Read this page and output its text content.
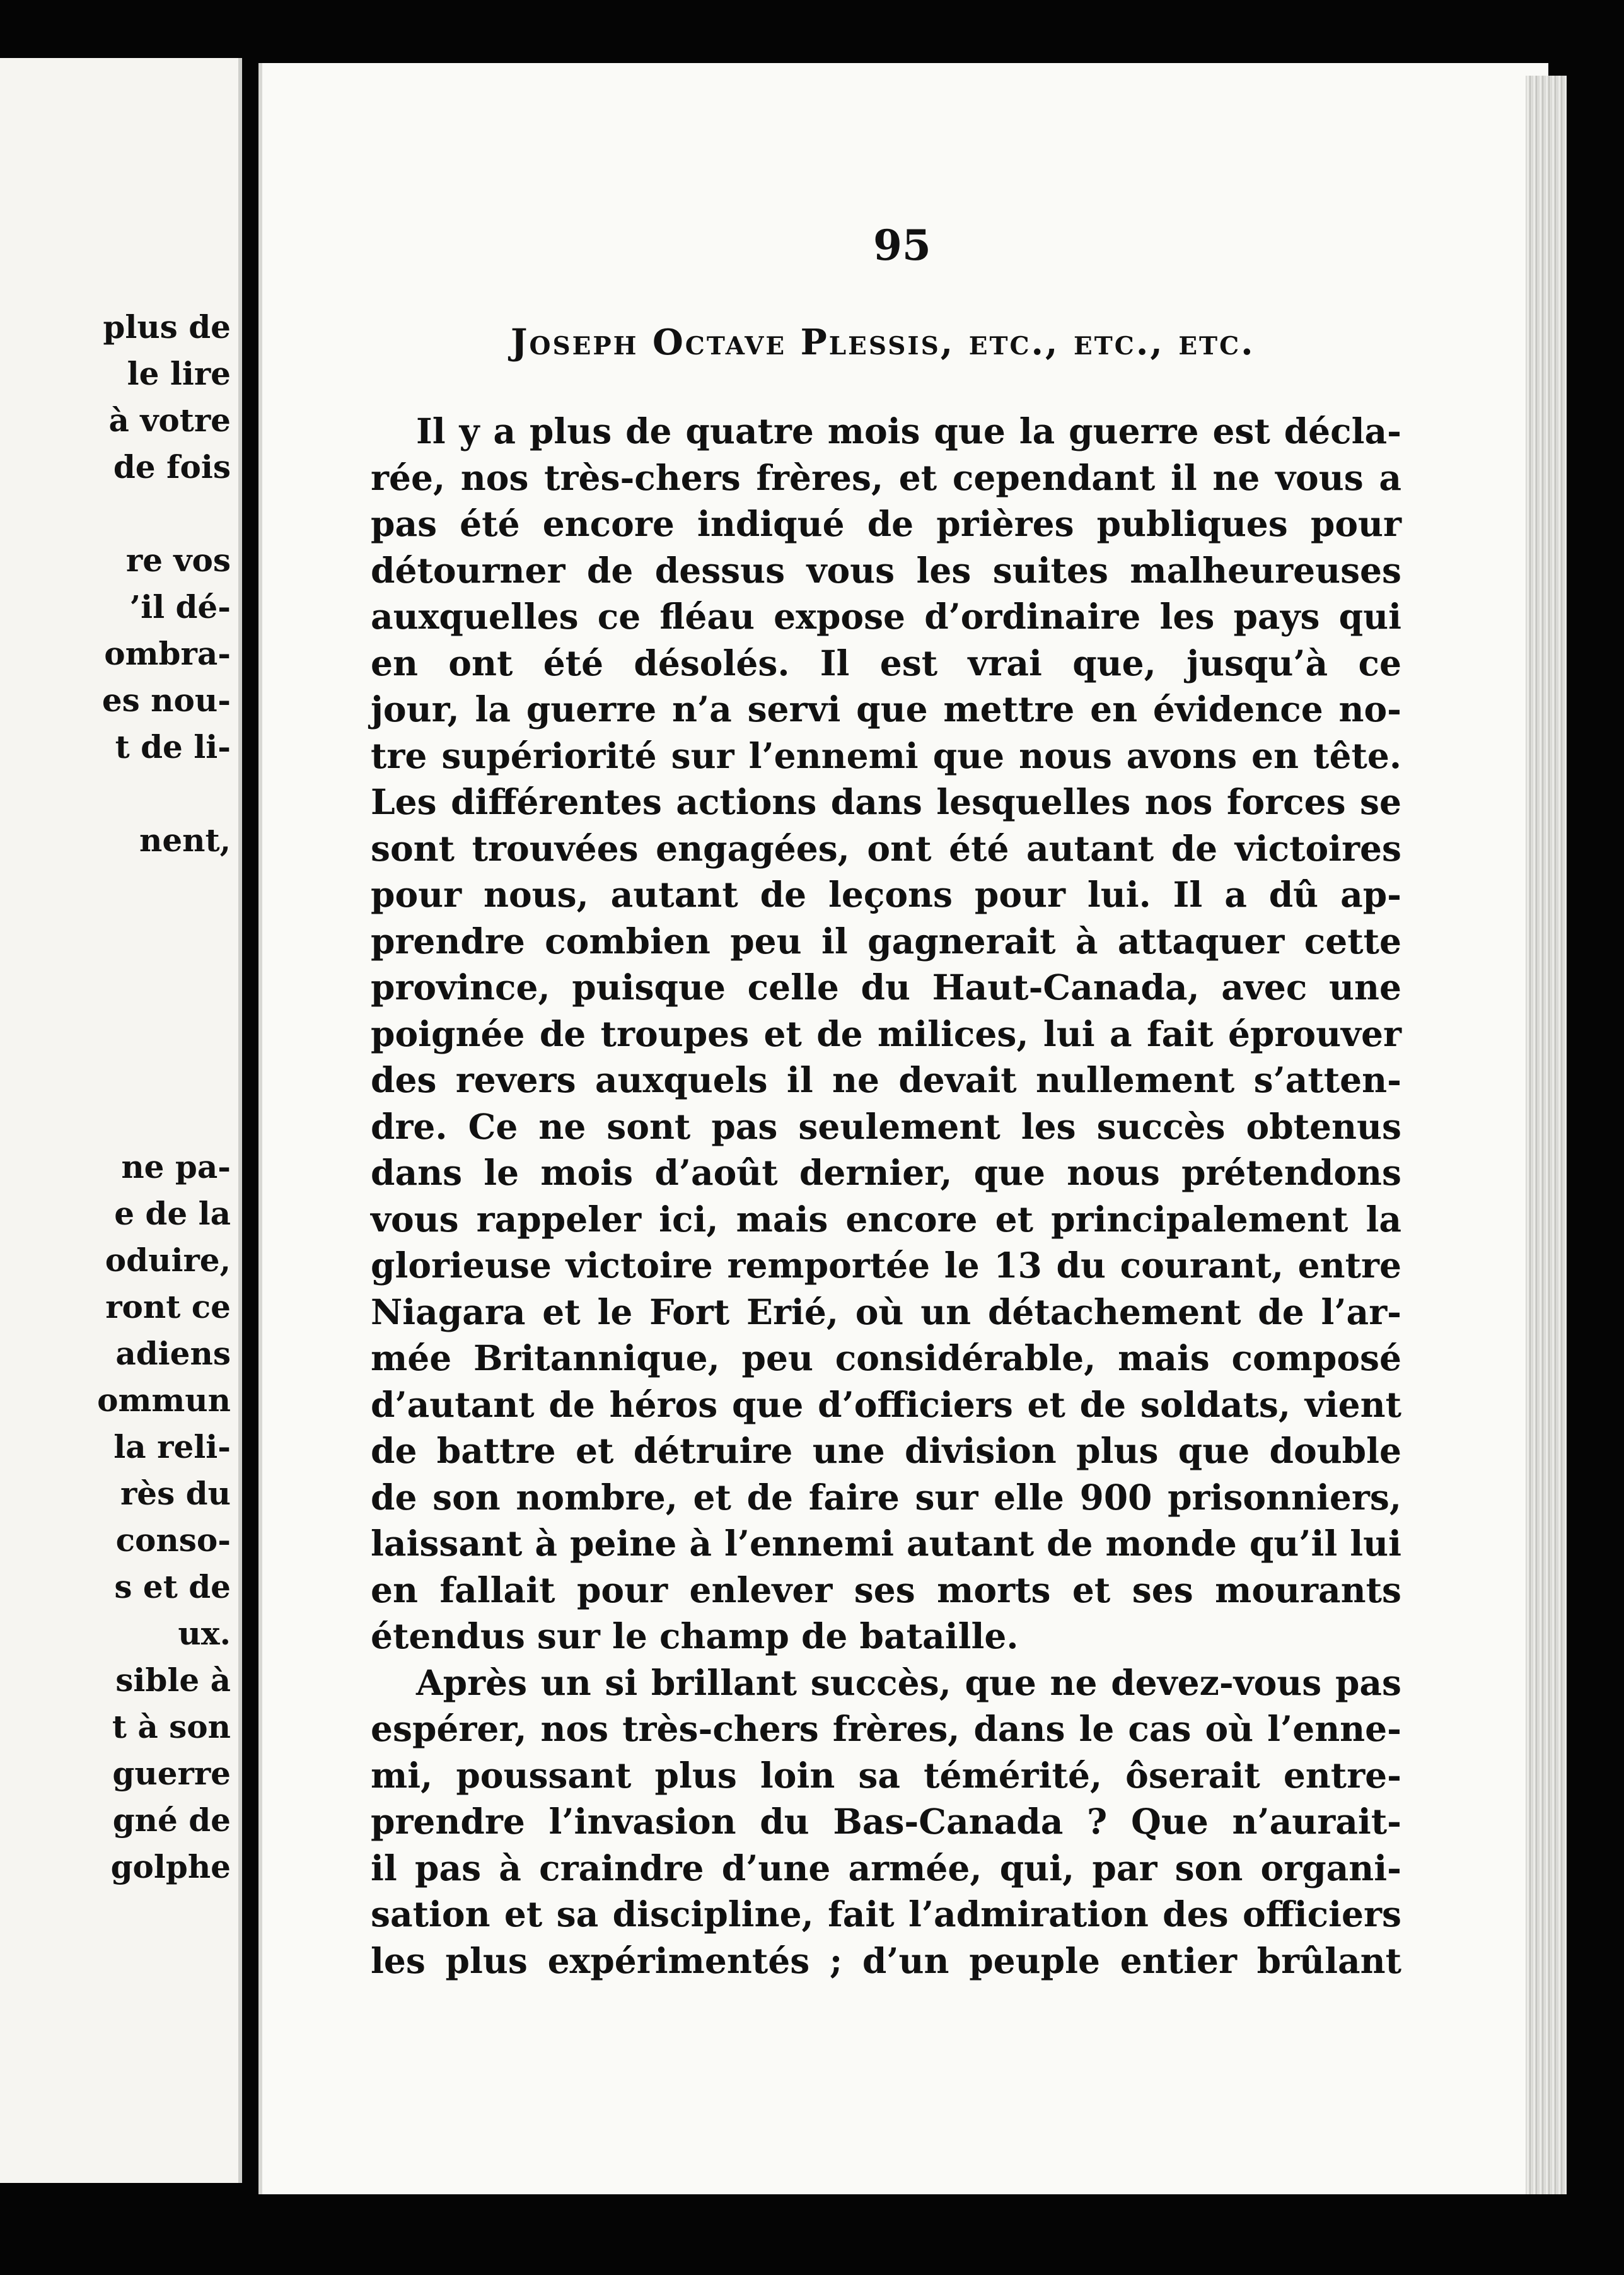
plus de
le lire
à votre
de fois
re vos
’il dé-
ombra-
es nou-
t de li-
nent,
ne pa-
e de la
oduire,
ront ce
adiens
ommun
la reli-
rès du
conso-
s et de
ux.
sible à
t à son
guerre
gné de
golphe
95
Joseph Octave Plessis, etc., etc., etc.
Il y a plus de quatre mois que la guerre est décla-
rée, nos très-chers frères, et cependant il ne vous a
pas été encore indiqué de prières publiques pour
détourner de dessus vous les suites malheureuses
auxquelles ce fléau expose d’ordinaire les pays qui
en ont été désolés. Il est vrai que, jusqu’à ce
jour, la guerre n’a servi que mettre en évidence no-
tre supériorité sur l’ennemi que nous avons en tête.
Les différentes actions dans lesquelles nos forces se
sont trouvées engagées, ont été autant de victoires
pour nous, autant de leçons pour lui. Il a dû ap-
prendre combien peu il gagnerait à attaquer cette
province, puisque celle du Haut-Canada, avec une
poignée de troupes et de milices, lui a fait éprouver
des revers auxquels il ne devait nullement s’atten-
dre. Ce ne sont pas seulement les succès obtenus
dans le mois d’août dernier, que nous prétendons
vous rappeler ici, mais encore et principalement la
glorieuse victoire remportée le 13 du courant, entre
Niagara et le Fort Erié, où un détachement de l’ar-
mée Britannique, peu considérable, mais composé
d’autant de héros que d’officiers et de soldats, vient
de battre et détruire une division plus que double
de son nombre, et de faire sur elle 900 prisonniers,
laissant à peine à l’ennemi autant de monde qu’il lui
en fallait pour enlever ses morts et ses mourants
étendus sur le champ de bataille.
Après un si brillant succès, que ne devez-vous pas
espérer, nos très-chers frères, dans le cas où l’enne-
mi, poussant plus loin sa témérité, ôserait entre-
prendre l’invasion du Bas-Canada ? Que n’aurait-
il pas à craindre d’une armée, qui, par son organi-
sation et sa discipline, fait l’admiration des officiers
les plus expérimentés ; d’un peuple entier brûlant
